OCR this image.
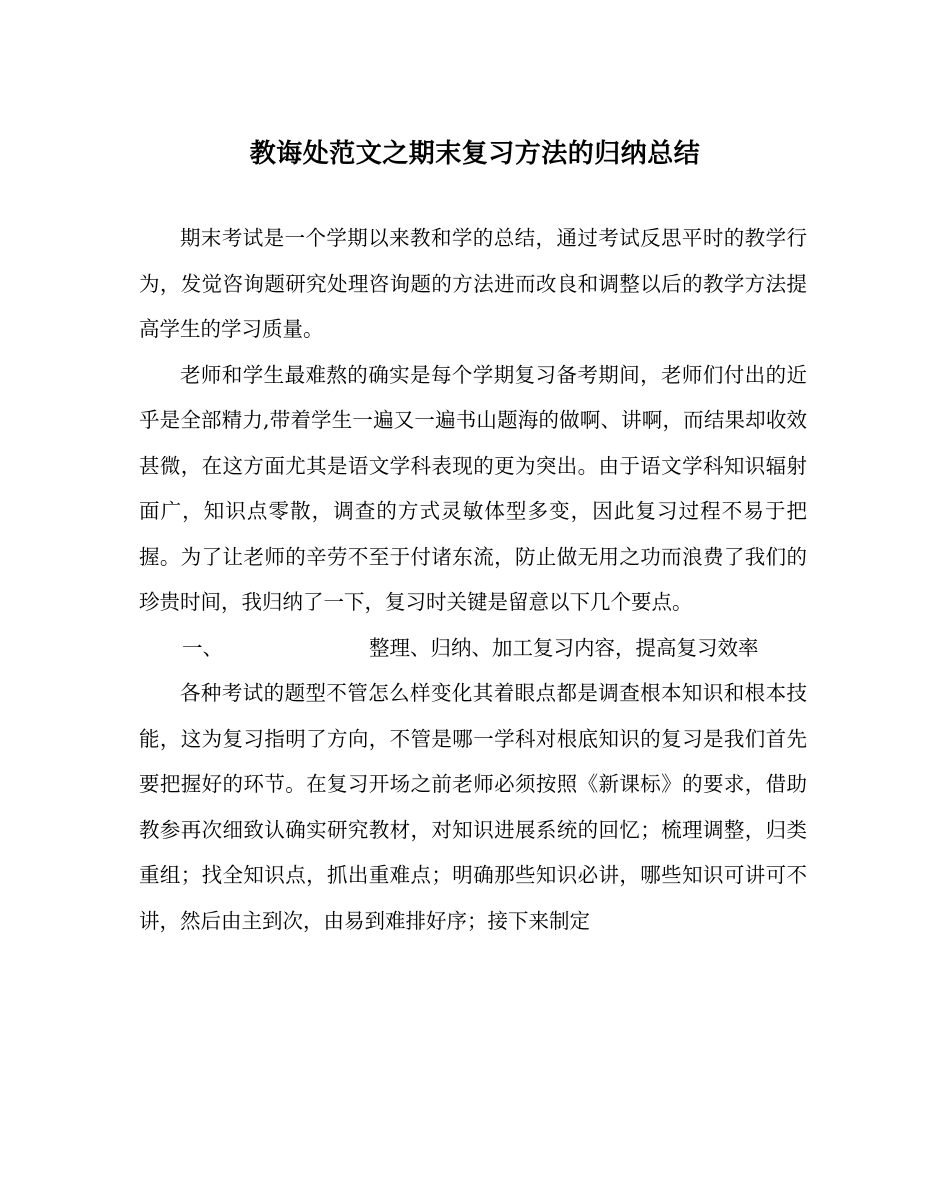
教诲处范文之期末复习方法的归纳总结

期末考试是一个学期以来教和学的总结，通过考试反思平时的教学行为，发觉咨询题研究处理咨询题的方法进而改良和调整以后的教学方法提高学生的学习质量。

老师和学生最难熬的确实是每个学期复习备考期间，老师们付出的近乎是全部精力,带着学生一遍又一遍书山题海的做啊、讲啊，而结果却收效甚微，在这方面尤其是语文学科表现的更为突出。由于语文学科知识辐射面广，知识点零散，调查的方式灵敏体型多变，因此复习过程不易于把握。为了让老师的辛劳不至于付诸东流，防止做无用之功而浪费了我们的珍贵时间，我归纳了一下，复习时关键是留意以下几个要点。

一、	整理、归纳、加工复习内容，提高复习效率

各种考试的题型不管怎么样变化其着眼点都是调查根本知识和根本技能，这为复习指明了方向，不管是哪一学科对根底知识的复习是我们首先要把握好的环节。在复习开场之前老师必须按照《新课标》的要求，借助教参再次细致认确实研究教材，对知识进展系统的回忆；梳理调整，归类重组；找全知识点，抓出重难点；明确那些知识必讲，哪些知识可讲可不讲，然后由主到次，由易到难排好序；接下来制定
